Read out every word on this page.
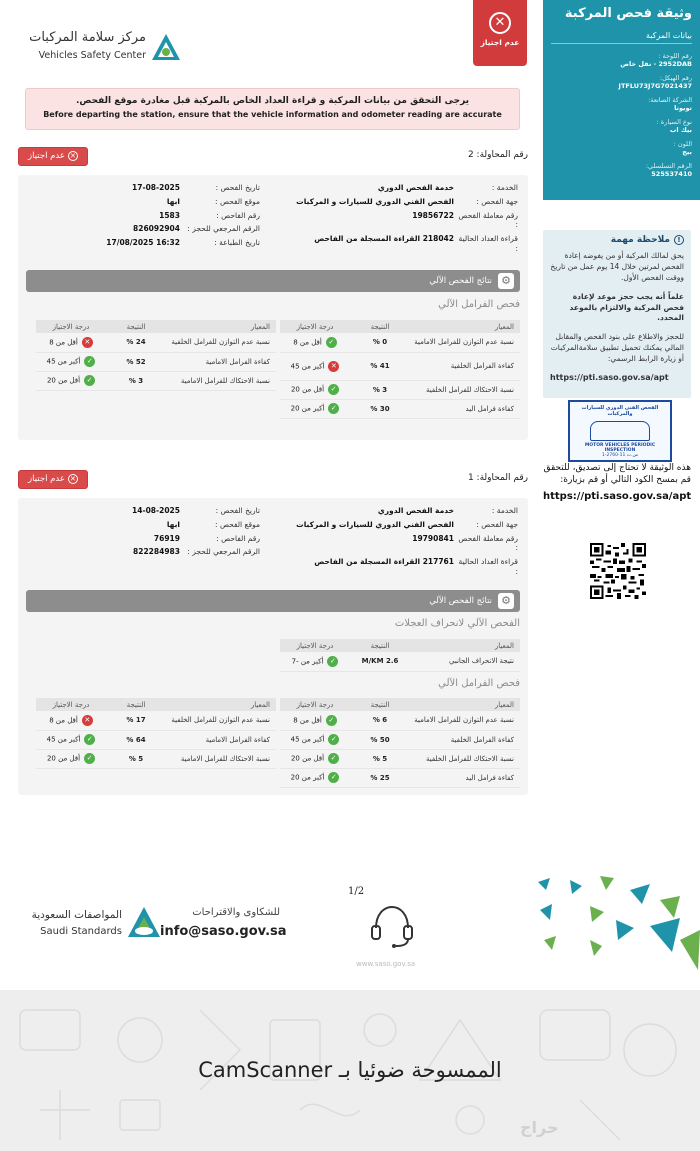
وثيقة فحص المركبة
بيانات المركبة
رقم اللوحة :
2952DAB - نقل خاص
رقم الهيكل:
JTFLU73J7G7021437
الشركة الصانعة:
تويوتا
نوع السيارة :
بيك اب
اللون :
بيج
الرقم التسلسلي:
525537410
!ملاحظة مهمة

يحق لمالك المركبة أو من يفوضه إعادة الفحص لمرتين خلال 14 يوم عمل من تاريخ ووقت الفحص الأول.

علماً أنه يجب حجز موعد لإعادة فحص المركبة والالتزام بالموعد المحدد.

للحجز والاطلاع على بنود الفحص والمقابل المالي يمكنك تحميل تطبيق سلامةالمركبات أو زيارة الرابط الرسمي:

https://pti.saso.gov.sa/apt
الفحص الفني الدوري للسيارات والمركبات
MOTOR VEHICLES PERIODIC INSPECTION
س.ت 11-2760-1
هذه الوثيقة لا تحتاج إلى تصديق، للتحقق قم بمسح الكود التالي أو قم بزيارة:
https://pti.saso.gov.sa/apt
مركز سلامة المركبات
Vehicles Safety Center
✕
عدم اجتياز
يرجى التحقق من بيانات المركبة و قراءة العداد الخاص بالمركبة قبل مغادرة موقع الفحص.
Before departing the station, ensure that the vehicle information and odometer reading are accurate
رقم المحاولة: 2
✕عدم اجتياز
الخدمة :
خدمة الفحص الدوري
جهة الفحص :
الفحص الفني الدوري للسيارات و المركبات
رقم معاملة الفحص :
19856722
قراءة العداد الحالية :
218042 القراءة المسجلة من الفاحص
تاريخ الفحص :
17-08-2025
موقع الفحص :
ابها
رقم الفاحص :
1583
الرقم المرجعي للحجز :
826092904
تاريخ الطباعة :
16:32 17/08/2025
⚙
نتائج الفحص الآلي
فحص الفرامل الآلي
المعيار	النتيجة	درجة الاجتياز
نسبة عدم التوازن للفرامل الامامية	0 %	✓أقل من 8
كفاءة الفرامل الخلفية	41 %	✕أكبر من 45
نسبة الاحتكاك للفرامل الخلفية	3 %	✓أقل من 20
كفاءة فرامل اليد	30 %	✓أكبر من 20
المعيار	النتيجة	درجة الاجتياز
نسبة عدم التوازن للفرامل الخلفية	24 %	✕أقل من 8
كفاءة الفرامل الامامية	52 %	✓أكبر من 45
نسبة الاحتكاك للفرامل الامامية	3 %	✓أقل من 20
رقم المحاولة: 1
✕عدم اجتياز
الخدمة :
خدمة الفحص الدوري
جهة الفحص :
الفحص الفني الدوري للسيارات و المركبات
رقم معاملة الفحص :
19790841
قراءة العداد الحالية :
217761 القراءة المسجلة من الفاحص
تاريخ الفحص :
14-08-2025
موقع الفحص :
ابها
رقم الفاحص :
76919
الرقم المرجعي للحجز :
822284983
⚙
نتائج الفحص الآلي
الفحص الآلي لانحراف العجلات
المعيار	النتيجة	درجة الاجتياز
نتيجة الانحراف الجانبي	M/KM 2.6	✓أكبر من -7
فحص الفرامل الآلي
المعيار	النتيجة	درجة الاجتياز
نسبة عدم التوازن للفرامل الامامية	6 %	✓أقل من 8
كفاءة الفرامل الخلفية	50 %	✓أكبر من 45
نسبة الاحتكاك للفرامل الخلفية	5 %	✓أقل من 20
كفاءة فرامل اليد	25 %	✓أكبر من 20
المعيار	النتيجة	درجة الاجتياز
نسبة عدم التوازن للفرامل الخلفية	17 %	✕أقل من 8
كفاءة الفرامل الامامية	64 %	✓أكبر من 45
نسبة الاحتكاك للفرامل الامامية	5 %	✓أقل من 20
1/2
المواصفات السعودية
Saudi Standards
للشكاوى والاقتراحات
info@saso.gov.sa
www.saso.gov.sa
الممسوحة ضوئيا بـ CamScanner
حراج
